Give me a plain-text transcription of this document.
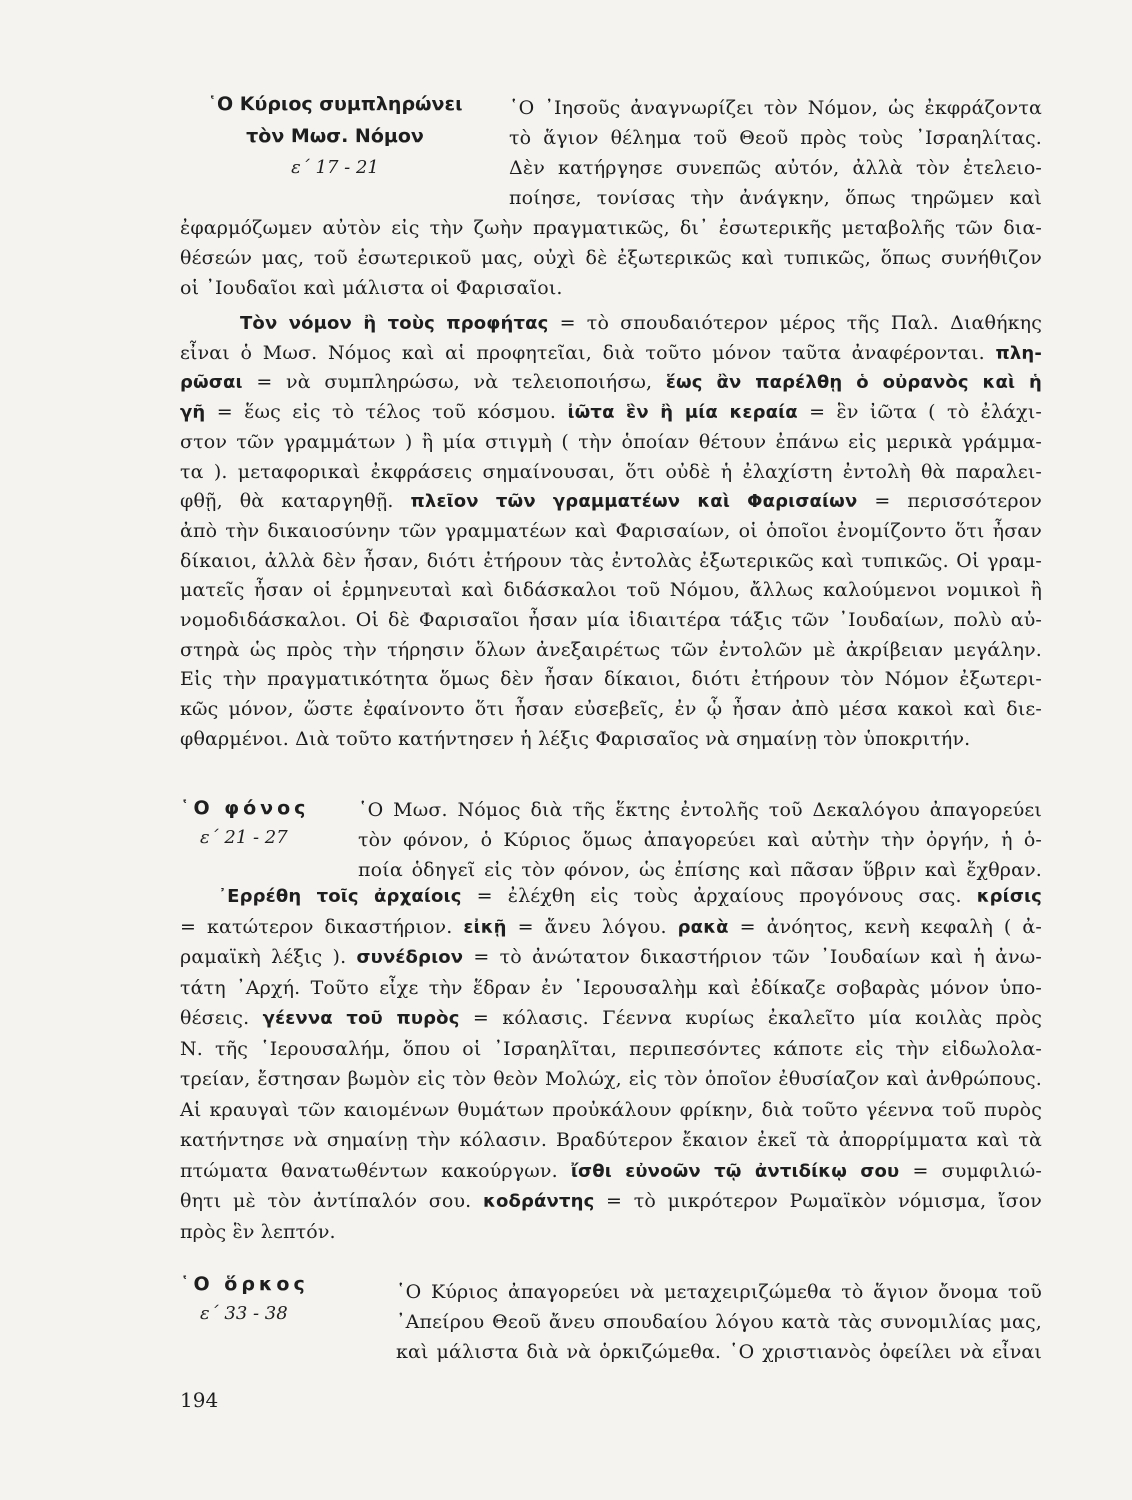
῾Ο Κύριος συμπληρώνει
τὸν Μωσ. Νόμον
ε΄ 17 - 21
῾Ο ᾿Ιησοῦς ἀναγνωρίζει τὸν Νόμον, ὡς ἐκφράζοντα
τὸ ἅγιον θέλημα τοῦ Θεοῦ πρὸς τοὺς ᾿Ισραηλίτας.
Δὲν κατήργησε συνεπῶς αὐτόν, ἀλλὰ τὸν ἐτελειο-
ποίησε, τονίσας τὴν ἀνάγκην, ὅπως τηρῶμεν καὶ
ἐφαρμόζωμεν αὐτὸν εἰς τὴν ζωὴν πραγματικῶς, δι᾿ ἐσωτερικῆς μεταβολῆς τῶν δια-
θέσεών μας, τοῦ ἐσωτερικοῦ μας, οὐχὶ δὲ ἐξωτερικῶς καὶ τυπικῶς, ὅπως συνήθιζον
οἱ ᾿Ιουδαῖοι καὶ μάλιστα οἱ Φαρισαῖοι.
Τὸν νόμον ἢ τοὺς προφήτας = τὸ σπουδαιότερον μέρος τῆς Παλ. Διαθήκης
εἶναι ὁ Μωσ. Νόμος καὶ αἱ προφητεῖαι, διὰ τοῦτο μόνον ταῦτα ἀναφέρονται. πλη-
ρῶσαι = νὰ συμπληρώσω, νὰ τελειοποιήσω, ἕως ἂν παρέλθῃ ὁ οὐρανὸς καὶ ἡ
γῆ = ἕως εἰς τὸ τέλος τοῦ κόσμου. ἰῶτα ἓν ἢ μία κεραία = ἓν ἰῶτα ( τὸ ἐλάχι-
στον τῶν γραμμάτων ) ἢ μία στιγμὴ ( τὴν ὁποίαν θέτουν ἐπάνω εἰς μερικὰ γράμμα-
τα ). μεταφορικαὶ ἐκφράσεις σημαίνουσαι, ὅτι οὐδὲ ἡ ἐλαχίστη ἐντολὴ θὰ παραλει-
φθῇ, θὰ καταργηθῇ. πλεῖον τῶν γραμματέων καὶ Φαρισαίων = περισσότερον
ἀπὸ τὴν δικαιοσύνην τῶν γραμματέων καὶ Φαρισαίων, οἱ ὁποῖοι ἐνομίζοντο ὅτι ἦσαν
δίκαιοι, ἀλλὰ δὲν ἦσαν, διότι ἐτήρουν τὰς ἐντολὰς ἐξωτερικῶς καὶ τυπικῶς. Οἱ γραμ-
ματεῖς ἦσαν οἱ ἑρμηνευταὶ καὶ διδάσκαλοι τοῦ Νόμου, ἄλλως καλούμενοι νομικοὶ ἢ
νομοδιδάσκαλοι. Οἱ δὲ Φαρισαῖοι ἦσαν μία ἰδιαιτέρα τάξις τῶν ᾿Ιουδαίων, πολὺ αὐ-
στηρὰ ὡς πρὸς τὴν τήρησιν ὅλων ἀνεξαιρέτως τῶν ἐντολῶν μὲ ἀκρίβειαν μεγάλην.
Εἰς τὴν πραγματικότητα ὅμως δὲν ἦσαν δίκαιοι, διότι ἐτήρουν τὸν Νόμον ἐξωτερι-
κῶς μόνον, ὥστε ἐφαίνοντο ὅτι ἦσαν εὐσεβεῖς, ἐν ᾧ ἦσαν ἀπὸ μέσα κακοὶ καὶ διε-
φθαρμένοι. Διὰ τοῦτο κατήντησεν ἡ λέξις Φαρισαῖος νὰ σημαίνῃ τὸν ὑποκριτήν.
῾Ο φόνος
ε΄ 21 - 27
῾Ο Μωσ. Νόμος διὰ τῆς ἕκτης ἐντολῆς τοῦ Δεκαλόγου ἀπαγορεύει
τὸν φόνον, ὁ Κύριος ὅμως ἀπαγορεύει καὶ αὐτὴν τὴν ὀργήν, ἡ ὁ-
ποία ὁδηγεῖ εἰς τὸν φόνον, ὡς ἐπίσης καὶ πᾶσαν ὕβριν καὶ ἔχθραν.
᾿Ερρέθη τοῖς ἀρχαίοις = ἐλέχθη εἰς τοὺς ἀρχαίους προγόνους σας. κρίσις
= κατώτερον δικαστήριον. εἰκῇ = ἄνευ λόγου. ρακὰ = ἀνόητος, κενὴ κεφαλὴ ( ἀ-
ραμαϊκὴ λέξις ). συνέδριον = τὸ ἀνώτατον δικαστήριον τῶν ᾿Ιουδαίων καὶ ἡ ἀνω-
τάτη ᾿Αρχή. Τοῦτο εἶχε τὴν ἕδραν ἐν ῾Ιερουσαλὴμ καὶ ἐδίκαζε σοβαρὰς μόνον ὑπο-
θέσεις. γέεννα τοῦ πυρὸς = κόλασις. Γέεννα κυρίως ἐκαλεῖτο μία κοιλὰς πρὸς
Ν. τῆς ῾Ιερουσαλήμ, ὅπου οἱ ᾿Ισραηλῖται, περιπεσόντες κάποτε εἰς τὴν εἰδωλολα-
τρείαν, ἔστησαν βωμὸν εἰς τὸν θεὸν Μολώχ, εἰς τὸν ὁποῖον ἐθυσίαζον καὶ ἀνθρώπους.
Αἱ κραυγαὶ τῶν καιομένων θυμάτων προὐκάλουν φρίκην, διὰ τοῦτο γέεννα τοῦ πυρὸς
κατήντησε νὰ σημαίνῃ τὴν κόλασιν. Βραδύτερον ἔκαιον ἐκεῖ τὰ ἀπορρίμματα καὶ τὰ
πτώματα θανατωθέντων κακούργων. ἴσθι εὐνοῶν τῷ ἀντιδίκῳ σου = συμφιλιώ-
θητι μὲ τὸν ἀντίπαλόν σου. κοδράντης = τὸ μικρότερον Ρωμαϊκὸν νόμισμα, ἴσον
πρὸς ἓν λεπτόν.
῾Ο ὅρκος
ε΄ 33 - 38
῾Ο Κύριος ἀπαγορεύει νὰ μεταχειριζώμεθα τὸ ἅγιον ὄνομα τοῦ
᾿Απείρου Θεοῦ ἄνευ σπουδαίου λόγου κατὰ τὰς συνομιλίας μας,
καὶ μάλιστα διὰ νὰ ὁρκιζώμεθα. ῾Ο χριστιανὸς ὀφείλει νὰ εἶναι
194
